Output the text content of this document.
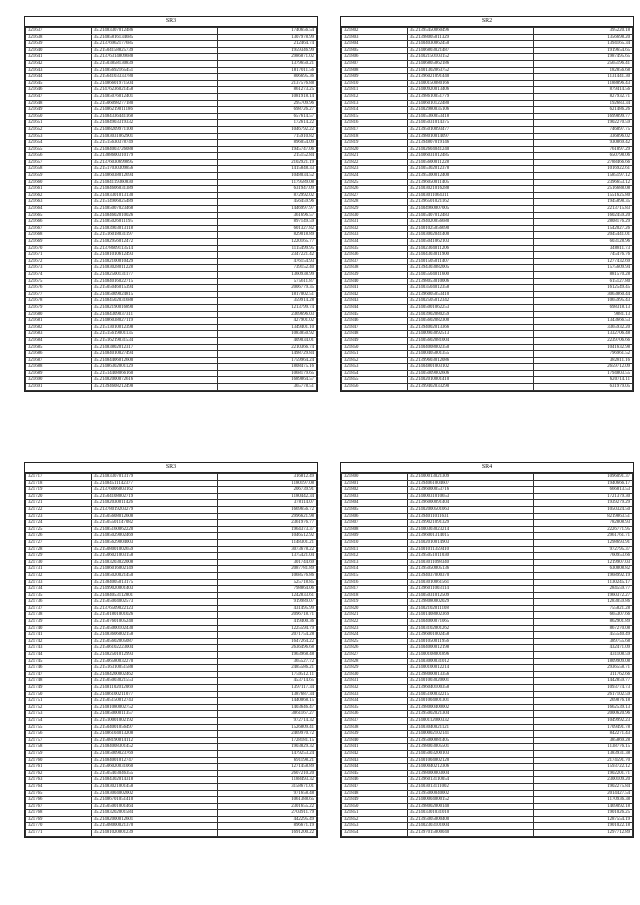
SR3
321637	35.21483307012486	1740656.54
321638	35.21485816134685	1307978.99
321639	35.21376962177685	212464.74
321640	35.21504158825739	1959346.99
321641	35.21376314809688	2986871.02
321642	35.21503858130839	1379650.21
321643	35.21485692165451	1817011.56
321644	35.21564103333780	806695.36
321645	35.21486601971504	2137576.88
321646	35.21476236021458	861273.25
321647	35.21485076012401	1081918.14
321648	35.21506098277180	295709.96
321649	35.21486219011186	698726.27
321650	35.21484336441168	657614.57
321651	35.21484903319332	172614.22
321652	35.21488209971100	1046792.22
321653	35.21483031062901	715910.82
321654	35.21515630378749	896054.09
321655	35.21484003726088	1945747.06
321656	35.21388600310179	215152.84
321657	35.21376030699895	2102921.19
321658	35.21517030309856	1415848.33
321659	35.21486038012694	1048034.52
321660	35.21484119360830	1179589.08
321661	35.21484606031389	631947.09
321662	35.21483301013130	872992.02
321663	35.21514906025489	456459.96
321664	35.21485007023468	1446997.97
321665	35.21484602010026	361696.57
321666	35.21485026011195	897149.59
321667	35.21483903013118	601327.82
321668	35.21516018031197	829018.89
321669	35.21482956012472	1220165.77
321670	35.21378609113514	1115499.95
321671	35.21481010612493	2347221.42
321672	35.21482100010429	476154.93
321673	35.21483028011228	739152.40
321674	35.21482500131177	1360938.99
321675	35.21484016022715	575611.87
321676	35.21505046015394	2006779.35
321677	35.21485009024815	1817002.51
321678	35.21484502031688	359914.28
321679	35.21482190016890	1213799.74
321680	35.21484309037311	2369696.03
321681	35.21486038027119	427901.02
321682	35.21513010012398	1349401.10
321683	35.21515619001135	1083850.92
321684	35.21516219031534	409034.01
321685	35.21483802012317	2210366.74
321686	35.21484010027494	1498729.84
321687	35.21484406012600	1759964.24
321688	35.21486302001129	1808475.16
321689	35.21514408066160	1068179.65
321690	35.21482000072616	1689864.57
321691	35.21394608212498	365778.51
SR2
321802	35.21395450060496	395220.18
321803	35.21398005011329	1356698.20
321804	35.21404030062450	1394165.34
321805	35.21406803021487	1919654.65
321806	35.21402150103152	1987495.65
321807	35.21406805062186	2565196.41
321808	35.21401302063752	182856.68
321809	35.21396021091440	1131441.30
321810	35.21400150080166	1188896.43
321811	35.21400920013406	879414.56
321812	35.21398610051779	827932.71
321813	35.21406010122480	192683.34
321814	35.21402980035106	621486.26
321815	35.21405360053418	1699899.77
321816	35.21405031014375	1902270.59
321817	35.21395010093477	746897.75
321818	35.21398010014097	336896.02
321819	35.21394807019146	930869.42
321820	35.21402604041240	761897.29
321821	35.21406031012485	650798.06
321822	35.21405600011228	2788466.66
321823	35.21405302012378	1016922.61
321824	35.21395300012400	1585197.12
321825	35.21396050011405	2396653.12
321826	35.21403021016288	2516688.08
321827	35.21403011064311	1551625.80
321828	35.21396501021162	1945898.35
321829	35.21404960007005	2213715.83
321830	35.21405407012483	1602459.20
321831	35.21394020056680	2808176.29
321832	35.21401025056690	1542027.26
321833	35.21403002041400	2045441.01
321834	35.21405041062103	603128.96
321835	35.21402304011206	348811.73
321836	35.21404303011900	745476.76
321837	35.21401505011407	1277432.69
321838	35.21394303082005	1575609.94
321839	35.21405504011600	881570.28
321840	35.21398053010006	615127.80
321841	35.21403504012358	1612549.45
321842	35.21396005053410	3063860.44
321843	35.21402505012342	1065995.43
321844	35.21405001062253	698318.13
321845	35.21403902080259	9881.13
321846	35.21405602082300	1343666.53
321847	35.21394002013366	3365932.20
321848	35.21400903092513	1332706.48
321849	35.21405602081004	2239706.66
321850	35.21404008002350	1041632.98
321851	35.21400405001355	796961.52
321852	35.21399603012086	382811.16
321853	35.21404801003102	2659712.09
321854	35.21405009002606	1794803.55
321855	35.21402010001410	620714.11
321856	35.21399402033290	631979.05
SR3
321717	35.21483307013179	316812.49
321718	35.21484511142377	1180197.08
321719	35.21376006003162	206739.91
321720	35.21504108002719	1180442.34
321721	35.21482030011426	378114.07
321722	35.21378019203279	1669656.72
321723	35.21505608012608	2996621.98
321724	35.21505501147082	2361976.77
321725	35.21485160062220	1964373.37
321726	35.21485029002469	1046512.92
321727	35.21485629004003	1148301.21
321728	35.21508001002659	3073678.22
321729	35.21506021003158	1375421.04
321730	35.21483203022008	301744.69
321731	35.21486016002149	2087781.89
321732	35.21485020021450	1068576.86
321733	35.21384005013175	525718.85
321734	35.21499020001403	798864.06
321735	35.21484053112801	1242833.61
321736	35.21505004002573	919989.07
321737	35.21376509022123	431495.99
321738	35.21501801001026	2096718.71
321739	35.21507601005240	419400.36
321740	35.21505000102430	1225594.79
321741	35.21483606002158	2071754.28
321742	35.21505602005087	1647264.22
321743	35.21506102223004	2636496.68
321744	35.21482501012993	1963968.48
321745	35.21506580032270	365527.72
321746	35.21516310051588	2485586.21
321747	35.21484200002462	1759512.11
321748	35.21505003021553	453714.65
321749	35.21481102012069	1397117.34
321750	35.21486100211077	1387687.34
321751	35.21505150012743	1440068.15
321752	35.21481080002752	1403646.47
321753	35.21485000011357	3061167.27
321754	35.21510001002192	972714.32
321755	35.21504001056497	1526809.41
321756	35.21486104013208	2469970.72
321757	35.21508190014112	1728181.15
321758	35.21484008301452	1903829.32
321759	35.21485009023769	1479253.24
321760	35.21484001012747	691198.21
321761	35.21506020031060	1271458.89
321762	35.21505403046355	2607210.20
321763	35.21484302014318	1188493.32
321764	35.21483021001458	3158671.01
321765	35.21483004002002	971658.48
321766	35.21486701051410	1061388.65
321767	35.21505001001464	2301655.22
321768	35.21483202001584	2703911.79
321769	35.21482000012601	442295.49
321770	35.21508000021370	896671.19
321771	35.21481020001239	1691200.22
SR4
321800	35.21400013021309	1096091.37
321801	35.21394061004607	1940666.17
321802	35.21396000053716	666813.53
321803	35.21400031010653	1721379.30
321804	35.21396000091404	1939279.29
321805	35.21402000501063	1050324.50
321806	35.21394011011631	8219863.51
321807	35.21399021091329	782808.93
321808	35.21400303023214	2226771.95
321809	35.21396001314015	2961761.71
321810	35.21402010014903	1298693.91
321811	35.21401011359410	972795.37
321812	35.21395051011030	760953.66
321813	35.21403011098340	1219907.03
321814	35.21395050005136	630808.82
321815	35.21394037000370	1968992.19
321816	35.21403010061561	1130245.17
321817	35.21396011003114	284559.77
321818	35.21405031012509	1960372.27
321819	35.21398080002029	1283059.86
321820	35.21402102011108	755821.28
321821	35.21401408002369	665307.66
321822	35.21404000071065	862901.89
321823	35.21403102001262	867270.08
321824	35.21396001002458	455540.49
321825	35.21401050011956	389755.68
321826	35.21404000012198	432471.09
321827	35.21400108001896	431108.59
321828	35.21403000031012	1809909.08
321829	35.21400100012214	2936558.71
321830	35.21398000013356	311762.66
321831	35.21401003020001	1442859.77
321832	35.21396040100358	1093774.73
321833	35.21405100032215	2617102.59
321834	35.21401004001301	269876.18
321835	35.21398000400002	1662539.13
321836	35.21395002021304	2000620.96
321837	35.21400112000332	1049992.23
321838	35.21403040021121	1709491.78
321839	35.21400002102141	842271.43
321840	35.21395000081405	385869.28
321841	35.21398003005501	1138776.15
321842	35.21405003200103	1383931.38
321843	35.21401004002120	2174591.70
321844	35.21400040212306	1593722.12
321845	35.21398000003004	1902201.71
321846	35.21396013110054	2300109.20
321847	35.21403013111002	1902275.84
321848	35.21395000040002	2014427.54
321849	35.21400004000152	1170936.38
321850	35.21398002000140	1469092.18
321851	35.21403301031010	1901026.25
321852	35.21395005000400	1287554.19
321853	35.21402303101004	1901022.18
321854	35.21397015000040	1297712.89
